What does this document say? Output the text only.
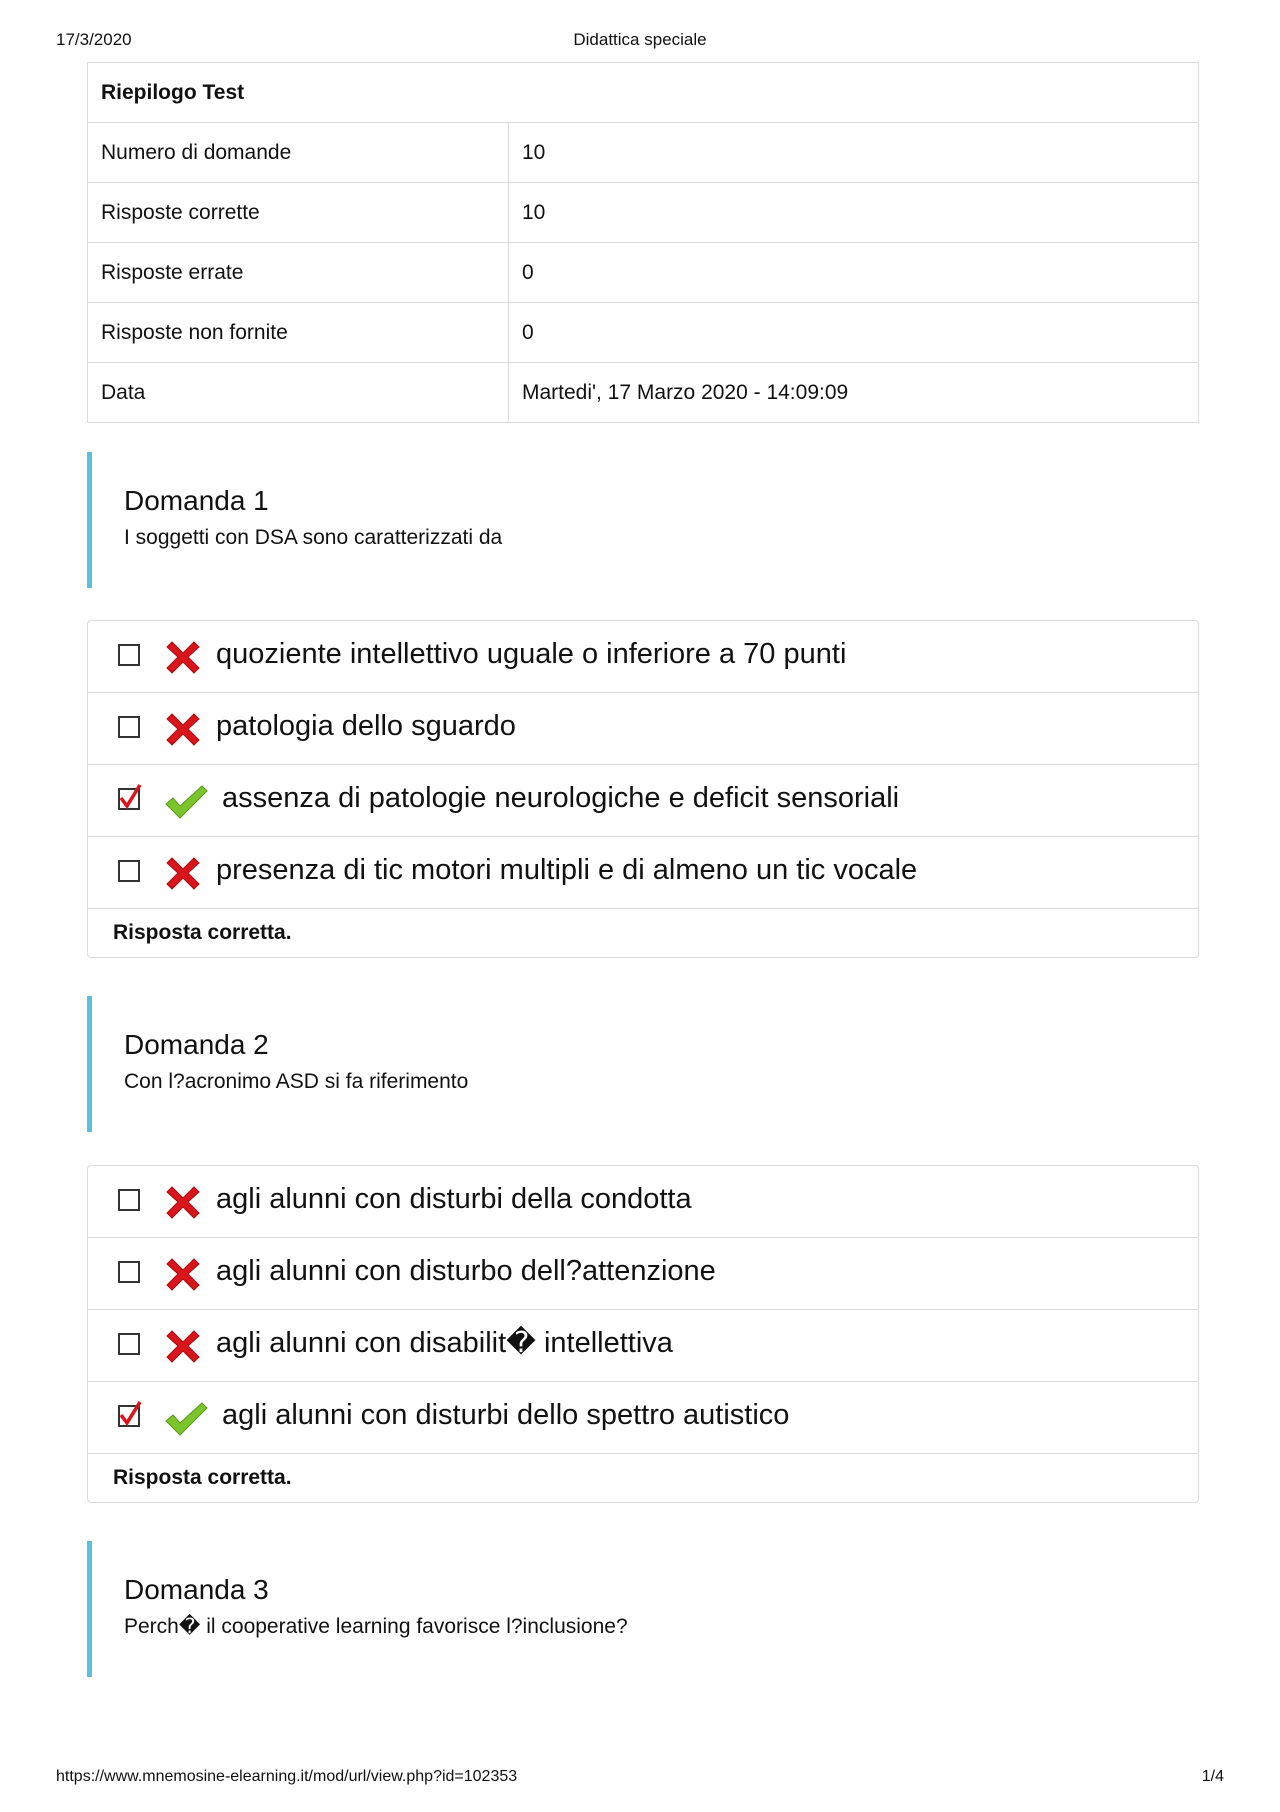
17/3/2020	Didattica speciale
Riepilogo Test	
Numero di domande	10
Risposte corrette	10
Risposte errate	0
Risposte non fornite	0
Data	Martedi', 17 Marzo 2020 - 14:09:09
Domanda 1
I soggetti con DSA sono caratterizzati da
quoziente intellettivo uguale o inferiore a 70 punti
patologia dello sguardo
assenza di patologie neurologiche e deficit sensoriali
presenza di tic motori multipli e di almeno un tic vocale
Risposta corretta.
Domanda 2
Con l?acronimo ASD si fa riferimento
agli alunni con disturbi della condotta
agli alunni con disturbo dell?attenzione
agli alunni con disabilit� intellettiva
agli alunni con disturbi dello spettro autistico
Risposta corretta.
Domanda 3
Perch� il cooperative learning favorisce l?inclusione?
https://www.mnemosine-elearning.it/mod/url/view.php?id=102353	1/4
